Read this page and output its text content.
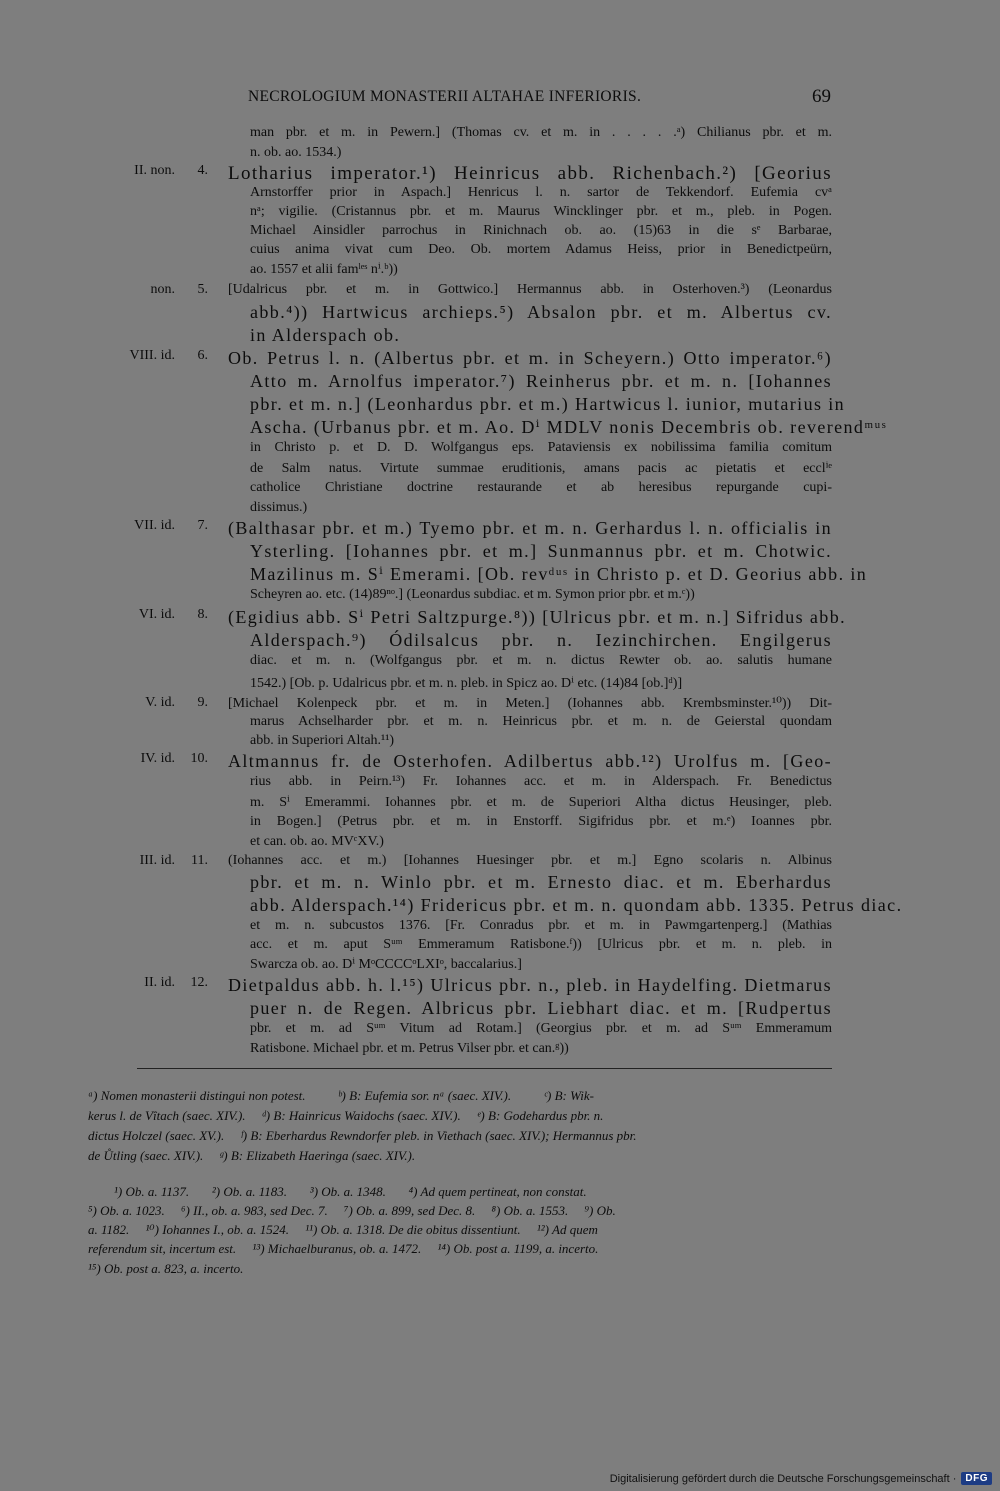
NECROLOGIUM MONASTERII ALTAHAE INFERIORIS.	69
man pbr. et m. in Pewern.] (Thomas cv. et m. in . . . . .ᵃ) Chilianus pbr. et m.
n. ob. ao. 1534.)
II. non.	4. Lotharius imperator.¹) Heinricus abb. Richenbach.²) [Georius
Arnstorffer prior in Aspach.] Henricus l. n. sartor de Tekkendorf. Eufemia cvᵃ
nᵃ; vigilie. (Cristannus pbr. et m. Maurus Wincklinger pbr. et m., pleb. in Pogen.
Michael Ainsidler parrochus in Rinichnach ob. ao. (15)63 in die sᵉ Barbarae,
cuius anima vivat cum Deo. Ob. mortem Adamus Heiss, prior in Benedictpeürn,
ao. 1557 et alii famˡᵉˢ nⁱ.ᵇ))
non.	5. [Udalricus pbr. et m. in Gottwico.] Hermannus abb. in Osterhoven.³) (Leonardus
abb.⁴)) Hartwicus archieps.⁵) Absalon pbr. et m. Albertus cv.
in Alderspach ob.
VIII. id.	6. Ob. Petrus l. n. (Albertus pbr. et m. in Scheyern.) Otto imperator.⁶)
Atto m. Arnolfus imperator.⁷) Reinherus pbr. et m. n. [Iohannes
pbr. et m. n.] (Leonhardus pbr. et m.) Hartwicus l. iunior, mutarius in
Ascha. (Urbanus pbr. et m. Ao. Dⁱ MDLV nonis Decembris ob. reverendᵐᵘˢ
in Christo p. et D. D. Wolfgangus eps. Pataviensis ex nobilissima familia comitum
de Salm natus. Virtute summae eruditionis, amans pacis ac pietatis et ecclⁱᵉ
catholice Christiane doctrine restaurande et ab heresibus repurgande cupi-
dissimus.)
VII. id.	7. (Balthasar pbr. et m.) Tyemo pbr. et m. n. Gerhardus l. n. officialis in
Ysterling. [Iohannes pbr. et m.] Sunmannus pbr. et m. Chotwic.
Mazilinus m. Sⁱ Emerami. [Ob. revᵈᵘˢ in Christo p. et D. Georius abb. in
Scheyren ao. etc. (14)89ⁿᵒ.] (Leonardus subdiac. et m. Symon prior pbr. et m.ᶜ))
VI. id.	8. (Egidius abb. Sⁱ Petri Saltzpurge.⁸)) [Ulricus pbr. et m. n.] Sifridus abb.
Alderspach.⁹) Ódilsalcus pbr. n. Iezinchirchen. Engilgerus
diac. et m. n. (Wolfgangus pbr. et m. n. dictus Rewter ob. ao. salutis humane
1542.) [Ob. p. Udalricus pbr. et m. n. pleb. in Spicz ao. Dⁱ etc. (14)84 [ob.]ᵈ)]
V. id.	9. [Michael Kolenpeck pbr. et m. in Meten.] (Iohannes abb. Krembsminster.¹⁰)) Dit-
marus Achselharder pbr. et m. n. Heinricus pbr. et m. n. de Geierstal quondam
abb. in Superiori Altah.¹¹)
IV. id.	10. Altmannus fr. de Osterhofen. Adilbertus abb.¹²) Urolfus m. [Geo-
rius abb. in Peirn.¹³) Fr. Iohannes acc. et m. in Alderspach. Fr. Benedictus
m. Sⁱ Emerammi. Iohannes pbr. et m. de Superiori Altha dictus Heusinger, pleb.
in Bogen.] (Petrus pbr. et m. in Enstorff. Sigifridus pbr. et m.ᵉ) Ioannes pbr.
et can. ob. ao. MVᶜXV.)
III. id.	11. (Iohannes acc. et m.) [Iohannes Huesinger pbr. et m.] Egno scolaris n. Albinus
pbr. et m. n. Winlo pbr. et m. Ernesto diac. et m. Eberhardus
abb. Alderspach.¹⁴) Fridericus pbr. et m. n. quondam abb. 1335. Petrus diac.
et m. n. subcustos 1376. [Fr. Conradus pbr. et m. in Pawmgartenperg.] (Mathias
acc. et m. aput Sᵘᵐ Emmeramum Ratisbone.ᶠ)) [Ulricus pbr. et m. n. pleb. in
Swarcza ob. ao. Dⁱ MᵒCCCCᵒLXIᵒ, baccalarius.]
II. id.	12. Dietpaldus abb. h. l.¹⁵) Ulricus pbr. n., pleb. in Haydelfing. Dietmarus
puer n. de Regen. Albricus pbr. Liebhart diac. et m. [Rudpertus
pbr. et m. ad Sᵘᵐ Vitum ad Rotam.] (Georgius pbr. et m. ad Sᵘᵐ Emmeramum
Ratisbone. Michael pbr. et m. Petrus Vilser pbr. et can.ᵍ))
ᵃ) Nomen monasterii distingui non potest.          ᵇ) B: Eufemia sor. nᵃ (saec. XIV.).          ᶜ) B: Wik-
kerus l. de Vîtach (saec. XIV.).     ᵈ) B: Hainricus Waidochs (saec. XIV.).     ᵉ) B: Godehardus pbr. n.
dictus Holczel (saec. XV.).     ᶠ) B: Eberhardus Rewndorfer pleb. in Viethach (saec. XIV.); Hermannus pbr.
de Ůtling (saec. XIV.).     ᵍ) B: Elizabeth Haeringa (saec. XIV.).
¹) Ob. a. 1137.       ²) Ob. a. 1183.       ³) Ob. a. 1348.       ⁴) Ad quem pertineat, non constat.
⁵) Ob. a. 1023.     ⁶) II., ob. a. 983, sed Dec. 7.     ⁷) Ob. a. 899, sed Dec. 8.     ⁸) Ob. a. 1553.     ⁹) Ob.
a. 1182.     ¹⁰) Iohannes I., ob. a. 1524.     ¹¹) Ob. a. 1318. De die obitus dissentiunt.     ¹²) Ad quem
referendum sit, incertum est.     ¹³) Michaelburanus, ob. a. 1472.     ¹⁴) Ob. post a. 1199, a. incerto.
¹⁵) Ob. post a. 823, a. incerto.
Digitalisierung gefördert durch die Deutsche Forschungsgemeinschaft · DFG
